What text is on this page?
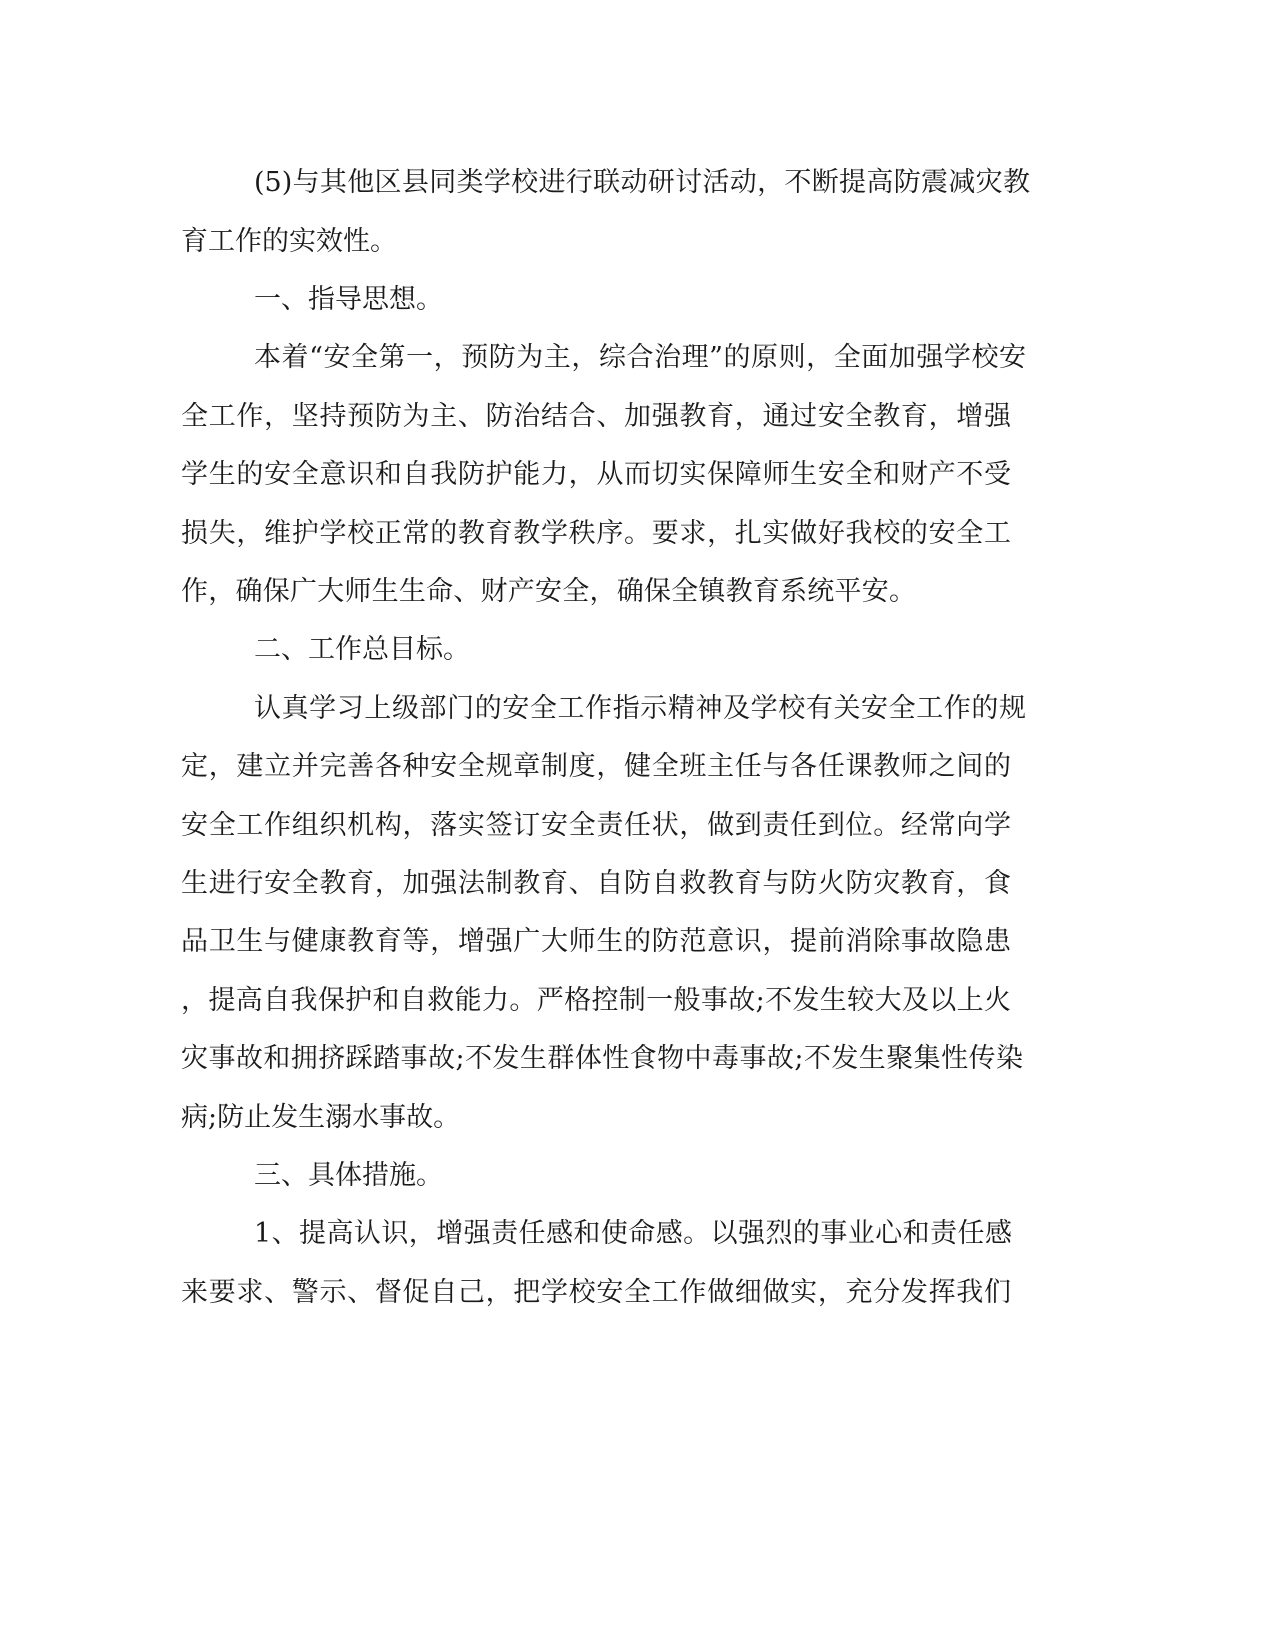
(5)与其他区县同类学校进行联动研讨活动，不断提高防震减灾教
育工作的实效性。
一、指导思想。
本着“安全第一，预防为主，综合治理”的原则，全面加强学校安
全工作，坚持预防为主、防治结合、加强教育，通过安全教育，增强
学生的安全意识和自我防护能力，从而切实保障师生安全和财产不受
损失，维护学校正常的教育教学秩序。要求，扎实做好我校的安全工
作，确保广大师生生命、财产安全，确保全镇教育系统平安。
二、工作总目标。
认真学习上级部门的安全工作指示精神及学校有关安全工作的规
定，建立并完善各种安全规章制度，健全班主任与各任课教师之间的
安全工作组织机构，落实签订安全责任状，做到责任到位。经常向学
生进行安全教育，加强法制教育、自防自救教育与防火防灾教育，食
品卫生与健康教育等，增强广大师生的防范意识，提前消除事故隐患
，提高自我保护和自救能力。严格控制一般事故;不发生较大及以上火
灾事故和拥挤踩踏事故;不发生群体性食物中毒事故;不发生聚集性传染
病;防止发生溺水事故。
三、具体措施。
1、提高认识，增强责任感和使命感。以强烈的事业心和责任感
来要求、警示、督促自己，把学校安全工作做细做实，充分发挥我们
